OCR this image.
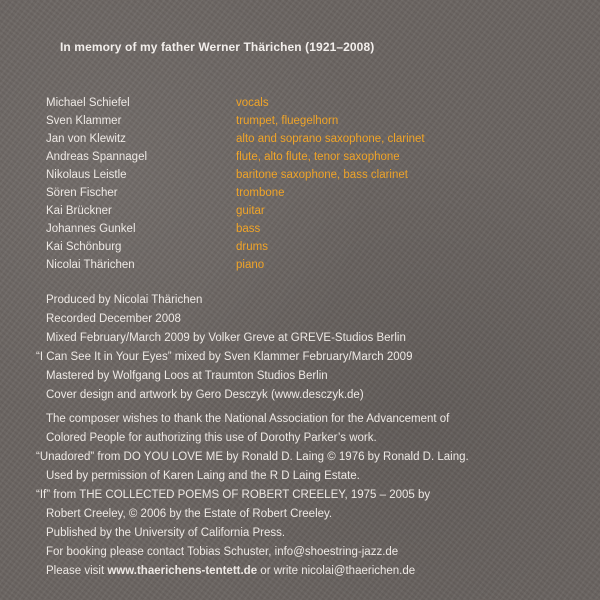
In memory of my father Werner Thärichen (1921–2008)
Michael Schiefel	vocals
Sven Klammer	trumpet, fluegelhorn
Jan von Klewitz	alto and soprano saxophone, clarinet
Andreas Spannagel	flute, alto flute, tenor saxophone
Nikolaus Leistle	baritone saxophone, bass clarinet
Sören Fischer	trombone
Kai Brückner	guitar
Johannes Gunkel	bass
Kai Schönburg	drums
Nicolai Thärichen	piano
Produced by Nicolai Thärichen
Recorded December 2008
Mixed February/March 2009 by Volker Greve at GREVE-Studios Berlin
“I Can See It in Your Eyes” mixed by Sven Klammer February/March 2009
Mastered by Wolfgang Loos at Traumton Studios Berlin
Cover design and artwork by Gero Desczyk (www.desczyk.de)
The composer wishes to thank the National Association for the Advancement of
Colored People for authorizing this use of Dorothy Parker’s work.
“Unadored” from DO YOU LOVE ME by Ronald D. Laing © 1976 by Ronald D. Laing.
Used by permission of Karen Laing and the R D Laing Estate.
“If” from THE COLLECTED POEMS OF ROBERT CREELEY, 1975 – 2005 by
Robert Creeley, © 2006 by the Estate of Robert Creeley.
Published by the University of California Press.
For booking please contact Tobias Schuster, info@shoestring-jazz.de
Please visit www.thaerichens-tentett.de or write nicolai@thaerichen.de
